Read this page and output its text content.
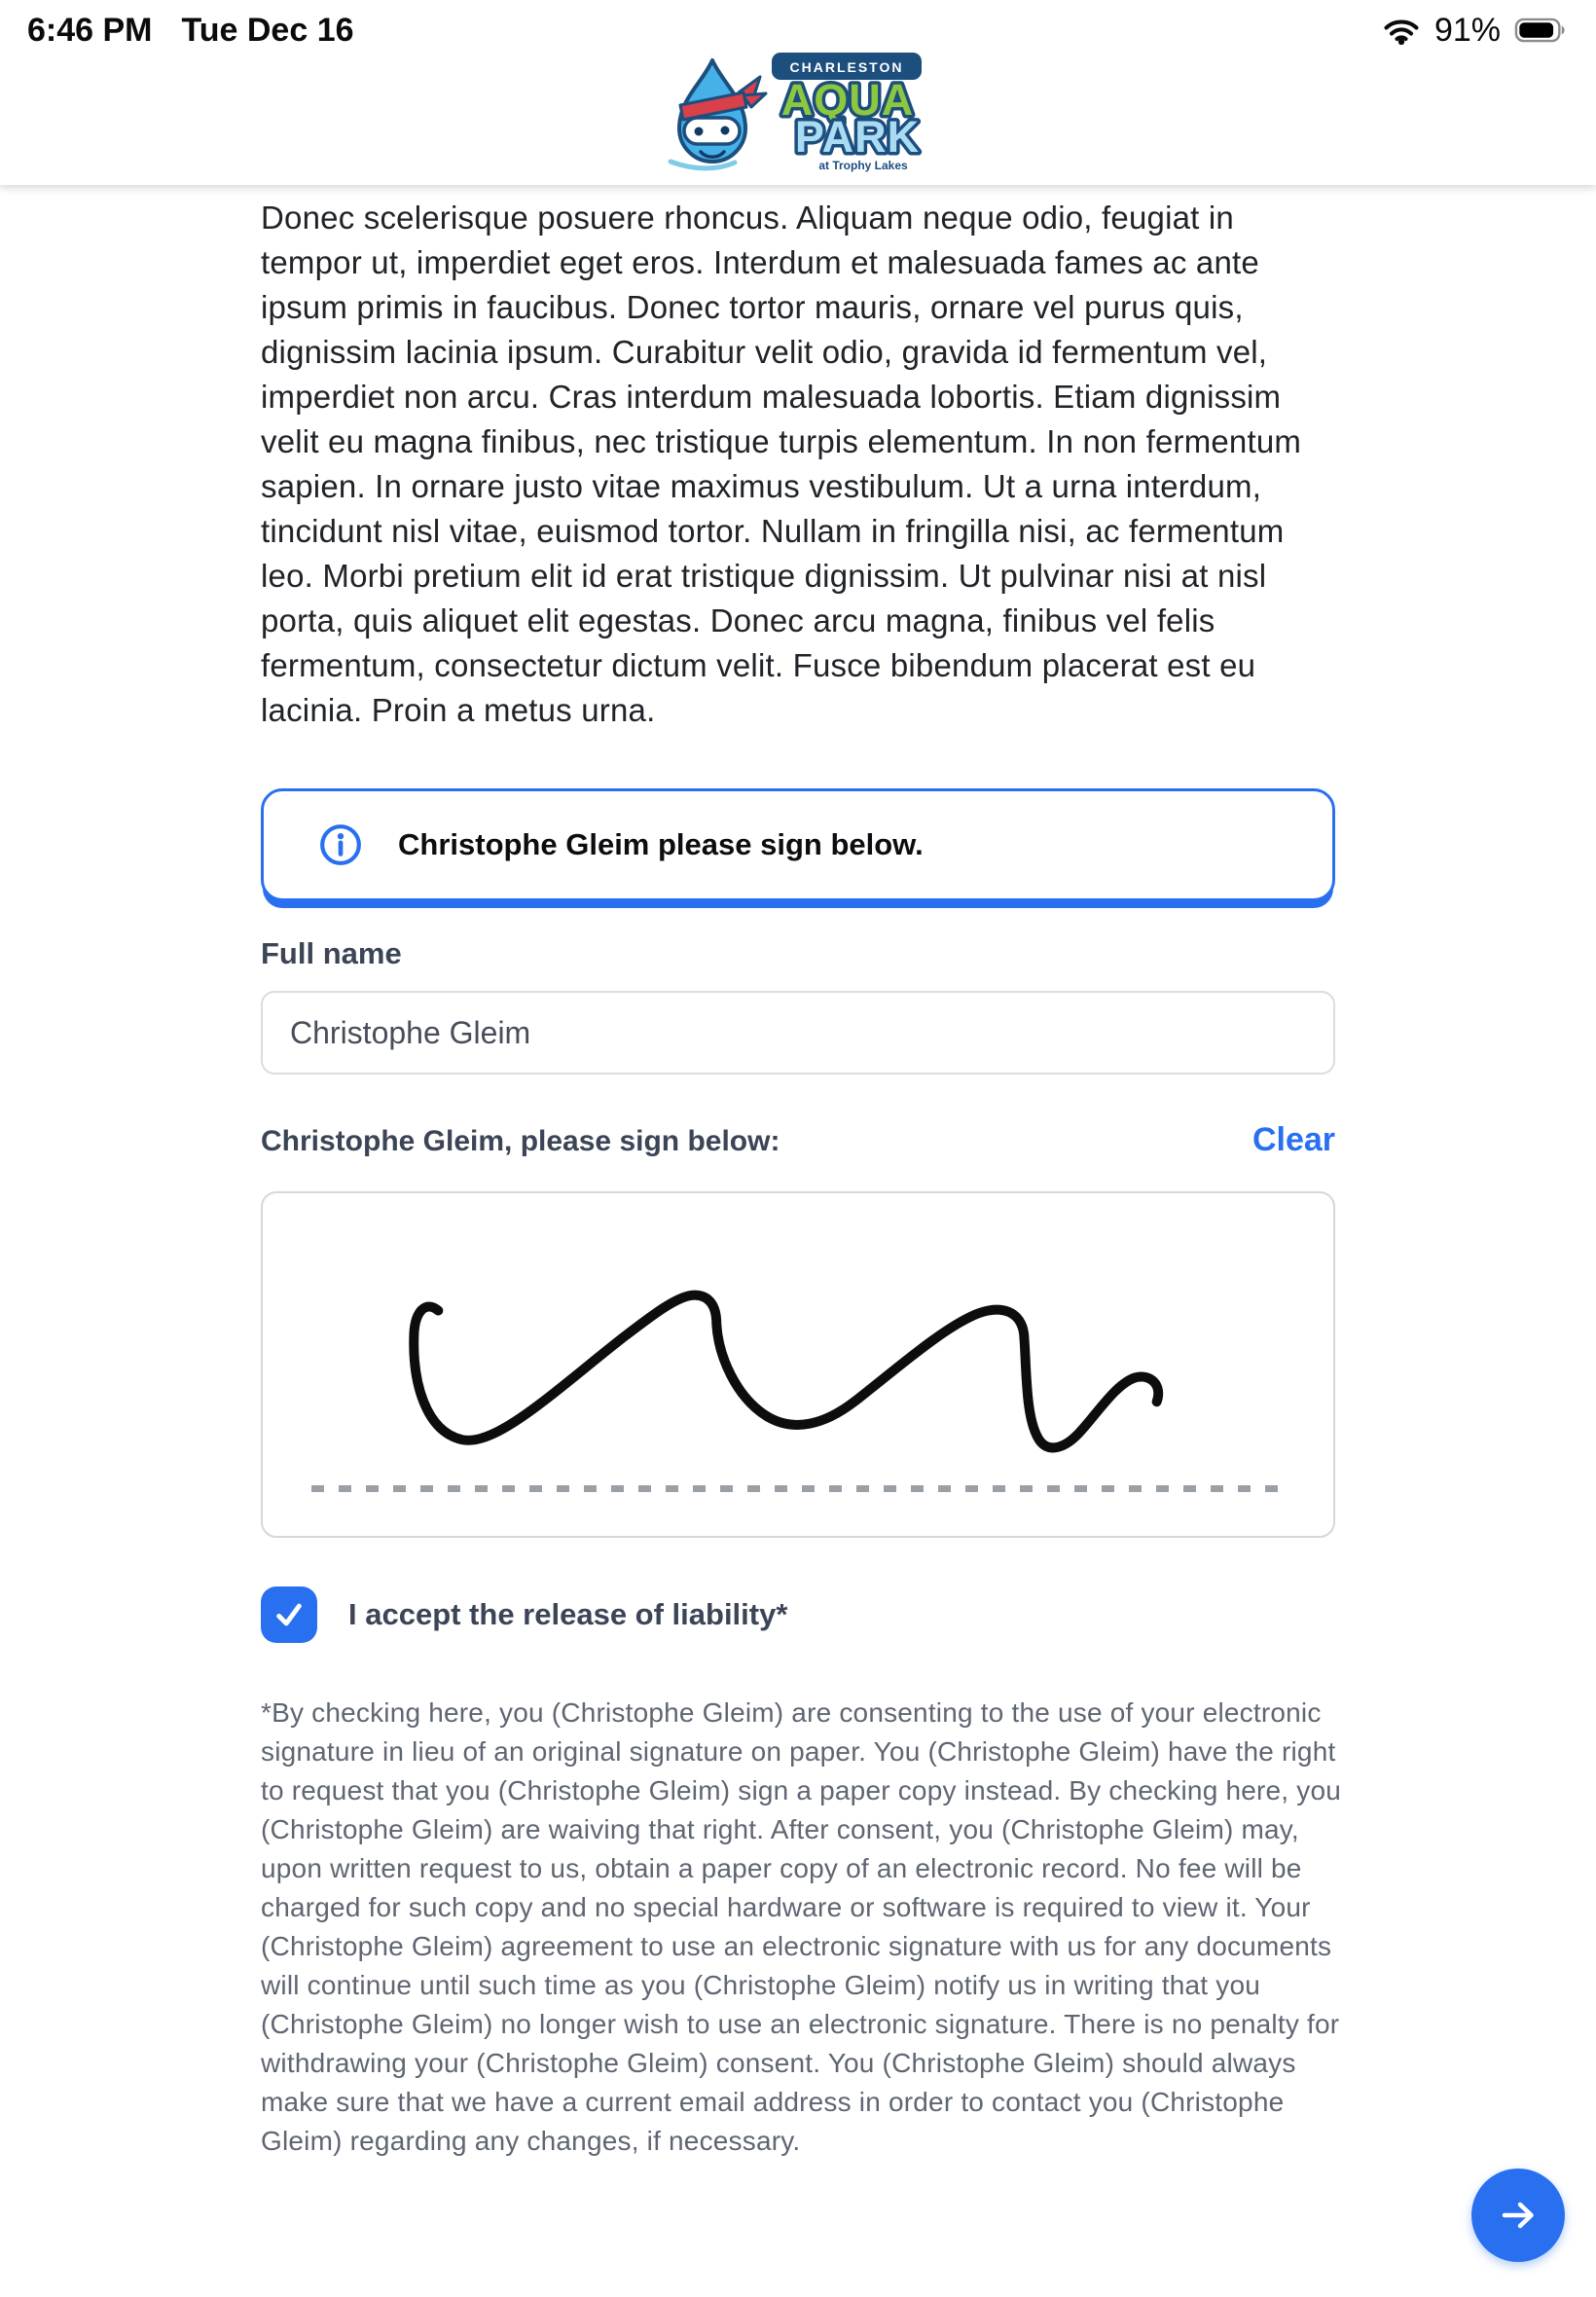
Donec scelerisque posuere rhoncus. Aliquam neque odio, feugiat in tempor ut, imperdiet eget eros. Interdum et malesuada fames ac ante ipsum primis in faucibus. Donec tortor mauris, ornare vel purus quis, dignissim lacinia ipsum. Curabitur velit odio, gravida id fermentum vel, imperdiet non arcu. Cras interdum malesuada lobortis. Etiam dignissim velit eu magna finibus, nec tristique turpis elementum. In non fermentum sapien. In ornare justo vitae maximus vestibulum. Ut a urna interdum, tincidunt nisl vitae, euismod tortor. Nullam in fringilla nisi, ac fermentum leo. Morbi pretium elit id erat tristique dignissim. Ut pulvinar nisi at nisl porta, quis aliquet elit egestas. Donec arcu magna, finibus vel felis fermentum, consectetur dictum velit. Fusce bibendum placerat est eu lacinia. Proin a metus urna.

CHARLESTON
AQUA
PARK
at Trophy Lakes
6:46 PM Tue Dec 16	91%
Christophe Gleim please sign below.
Full name
Christophe Gleim
Christophe Gleim, please sign below:	Clear
I accept the release of liability*

*By checking here, you (Christophe Gleim) are consenting to the use of your electronic signature in lieu of an original signature on paper. You (Christophe Gleim) have the right to request that you (Christophe Gleim) sign a paper copy instead. By checking here, you (Christophe Gleim) are waiving that right. After consent, you (Christophe Gleim) may, upon written request to us, obtain a paper copy of an electronic record. No fee will be charged for such copy and no special hardware or software is required to view it. Your (Christophe Gleim) agreement to use an electronic signature with us for any documents will continue until such time as you (Christophe Gleim) notify us in writing that you (Christophe Gleim) no longer wish to use an electronic signature. There is no penalty for withdrawing your (Christophe Gleim) consent. You (Christophe Gleim) should always make sure that we have a current email address in order to contact you (Christophe Gleim) regarding any changes, if necessary.
